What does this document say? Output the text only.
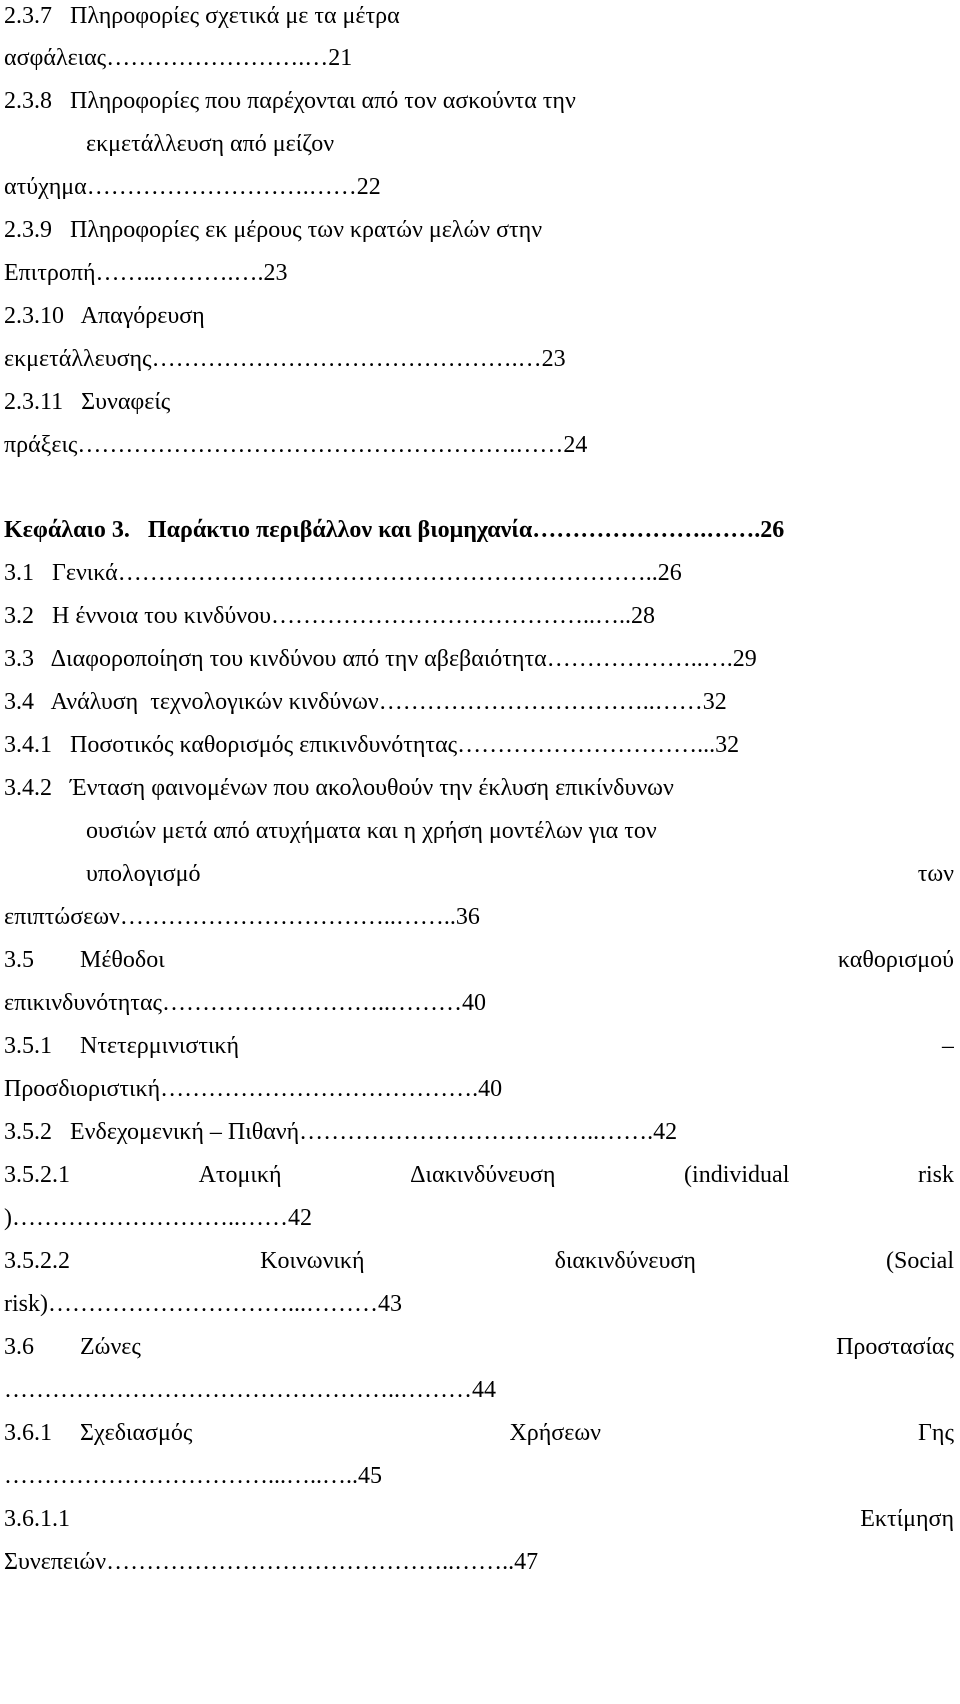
2.3.7   Πληροφορίες σχετικά με τα μέτρα
ασφάλειας…………………….…21
2.3.8   Πληροφορίες που παρέχονται από τον ασκούντα την
εκμετάλλευση από μείζον
ατύχημα……………………….……22
2.3.9   Πληροφορίες εκ μέρους των κρατών μελών στην
Επιτροπή……..……….….23
2.3.10   Απαγόρευση
εκμετάλλευσης……………………………………….…23
2.3.11   Συναφείς
πράξεις……………………………………………….……24
Κεφάλαιο 3.   Παράκτιο περιβάλλον και βιομηχανία………………….…….26
3.1   Γενικά…………………………………………………………..26
3.2   Η έννοια του κινδύνου…………………………………..…..28
3.3   Διαφοροποίηση του κινδύνου από την αβεβαιότητα………………..….29
3.4   Ανάλυση  τεχνολογικών κινδύνων……………………………..……32
3.4.1   Ποσοτικός καθορισμός επικινδυνότητας…………………………...32
3.4.2   Ένταση φαινομένων που ακολουθούν την έκλυση επικίνδυνων
ουσιών μετά από ατυχήματα και η χρήση μοντέλων για τον
υπολογισμό	των
επιπτώσεων……………………………..……..36
3.5 Μέθοδοι	καθορισμού
επικινδυνότητας………………………..………40
3.5.1 Ντετερμινιστική	–
Προσδιοριστική………………………………….40
3.5.2   Ενδεχομενική – Πιθανή………………………………..…….42
3.5.2.1	Ατομική	Διακινδύνευση	(individual	risk
)………………………..……42
3.5.2.2	Κοινωνική	διακινδύνευση	(Social
risk)…………………………...………43
3.6 Ζώνες	Προστασίας
…………………………………………..………44
3.6.1 Σχεδιασμός	Χρήσεων	Γης
……………………………...…..…..45
3.6.1.1	Εκτίμηση
Συνεπειών……………………………………..……..47
